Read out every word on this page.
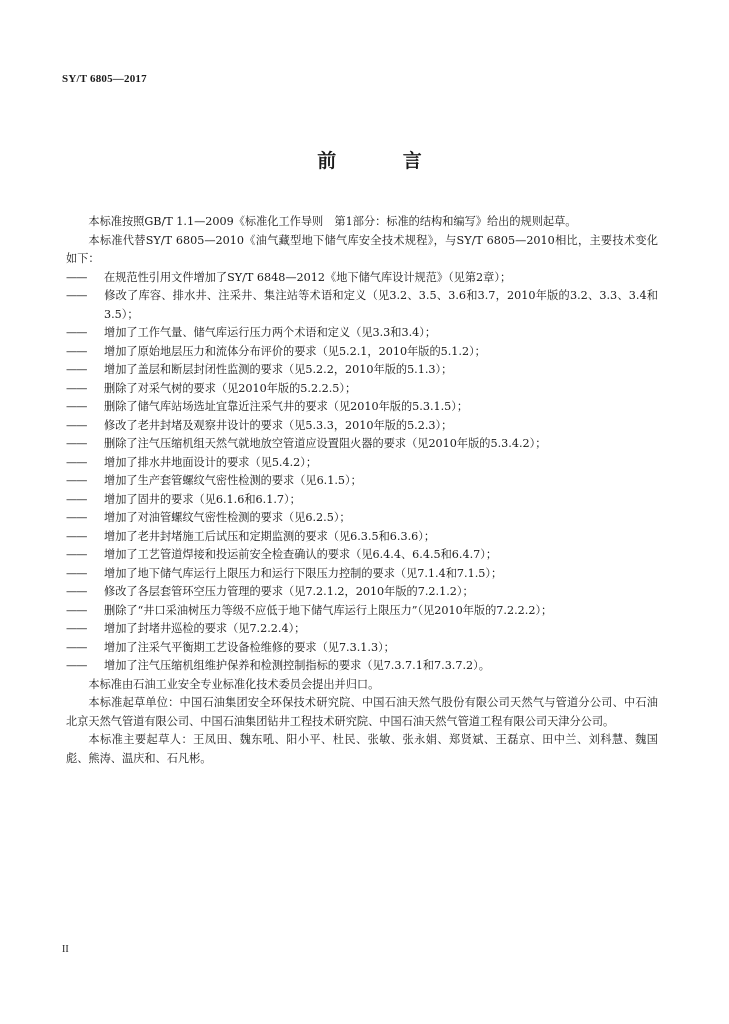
SY/T 6805—2017
前 言

本标准按照GB/T 1.1—2009《标准化工作导则　第1部分：标准的结构和编写》给出的规则起草。

本标准代替SY/T 6805—2010《油气藏型地下储气库安全技术规程》，与SY/T 6805—2010相比，主要技术变化如下：

—— 在规范性引用文件增加了SY/T 6848—2012《地下储气库设计规范》（见第2章）；

—— 修改了库容、排水井、注采井、集注站等术语和定义（见3.2、3.5、3.6和3.7，2010年版的3.2、3.3、3.4和3.5）；

—— 增加了工作气量、储气库运行压力两个术语和定义（见3.3和3.4）；

—— 增加了原始地层压力和流体分布评价的要求（见5.2.1，2010年版的5.1.2）；

—— 增加了盖层和断层封闭性监测的要求（见5.2.2，2010年版的5.1.3）；

—— 删除了对采气树的要求（见2010年版的5.2.2.5）；

—— 删除了储气库站场选址宜靠近注采气井的要求（见2010年版的5.3.1.5）；

—— 修改了老井封堵及观察井设计的要求（见5.3.3，2010年版的5.2.3）；

—— 删除了注气压缩机组天然气就地放空管道应设置阻火器的要求（见2010年版的5.3.4.2）；

—— 增加了排水井地面设计的要求（见5.4.2）；

—— 增加了生产套管螺纹气密性检测的要求（见6.1.5）；

—— 增加了固井的要求（见6.1.6和6.1.7）；

—— 增加了对油管螺纹气密性检测的要求（见6.2.5）；

—— 增加了老井封堵施工后试压和定期监测的要求（见6.3.5和6.3.6）；

—— 增加了工艺管道焊接和投运前安全检查确认的要求（见6.4.4、6.4.5和6.4.7）；

—— 增加了地下储气库运行上限压力和运行下限压力控制的要求（见7.1.4和7.1.5）；

—— 修改了各层套管环空压力管理的要求（见7.2.1.2，2010年版的7.2.1.2）；

—— 删除了“井口采油树压力等级不应低于地下储气库运行上限压力”（见2010年版的7.2.2.2）；

—— 增加了封堵井巡检的要求（见7.2.2.4）；

—— 增加了注采气平衡期工艺设备检维修的要求（见7.3.1.3）；

—— 增加了注气压缩机组维护保养和检测控制指标的要求（见7.3.7.1和7.3.7.2）。

本标准由石油工业安全专业标准化技术委员会提出并归口。

本标准起草单位：中国石油集团安全环保技术研究院、中国石油天然气股份有限公司天然气与管道分公司、中石油北京天然气管道有限公司、中国石油集团钻井工程技术研究院、中国石油天然气管道工程有限公司天津分公司。

本标准主要起草人：王凤田、魏东吼、阳小平、杜民、张敏、张永娟、郑贤斌、王磊京、田中兰、刘科慧、魏国彪、熊涛、温庆和、石凡彬。

II
